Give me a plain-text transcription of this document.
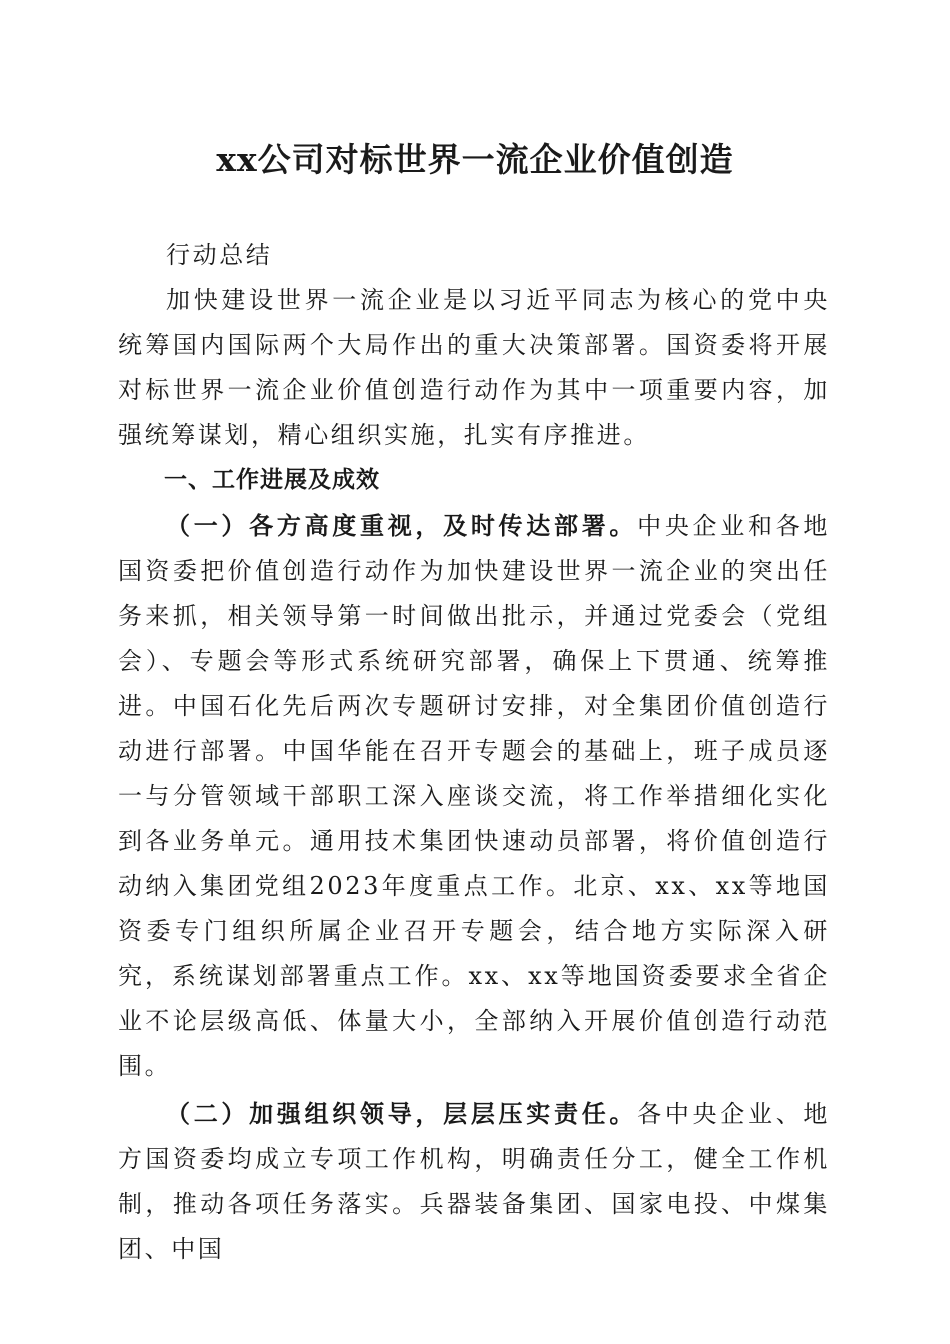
xx公司对标世界一流企业价值创造

行动总结

加快建设世界一流企业是以习近平同志为核心的党中央统筹国内国际两个大局作出的重大决策部署。国资委将开展对标世界一流企业价值创造行动作为其中一项重要内容，加强统筹谋划，精心组织实施，扎实有序推进。

一、工作进展及成效

（一）各方高度重视，及时传达部署。中央企业和各地国资委把价值创造行动作为加快建设世界一流企业的突出任务来抓，相关领导第一时间做出批示，并通过党委会（党组会）、专题会等形式系统研究部署，确保上下贯通、统筹推进。中国石化先后两次专题研讨安排，对全集团价值创造行动进行部署。中国华能在召开专题会的基础上，班子成员逐一与分管领域干部职工深入座谈交流，将工作举措细化实化到各业务单元。通用技术集团快速动员部署，将价值创造行动纳入集团党组2023年度重点工作。北京、xx、xx等地国资委专门组织所属企业召开专题会，结合地方实际深入研究，系统谋划部署重点工作。xx、xx等地国资委要求全省企业不论层级高低、体量大小，全部纳入开展价值创造行动范围。

（二）加强组织领导，层层压实责任。各中央企业、地方国资委均成立专项工作机构，明确责任分工，健全工作机制，推动各项任务落实。兵器装备集团、国家电投、中煤集团、中国
